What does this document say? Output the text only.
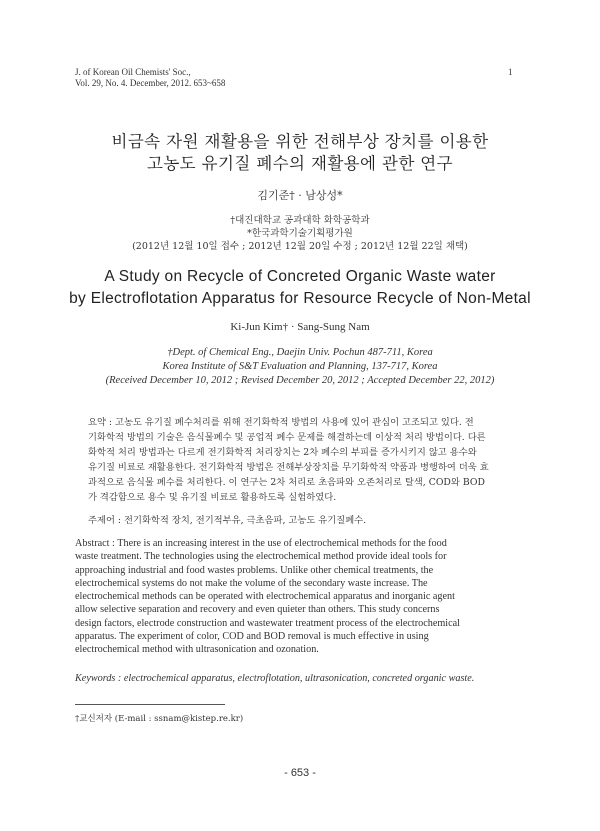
J. of Korean Oil Chemists' Soc.,
Vol. 29, No. 4. December, 2012. 653~658
1
비금속 자원 재활용을 위한 전해부상 장치를 이용한
고농도 유기질 폐수의 재활용에 관한 연구
김기준† · 남상성*
†대진대학교 공과대학 화학공학과
*한국과학기술기획평가원
(2012년 12월 10일 접수 ; 2012년 12월 20일 수정 ; 2012년 12월 22일 채택)
A Study on Recycle of Concreted Organic Waste water
by Electroflotation Apparatus for Resource Recycle of Non-Metal
Ki-Jun Kim† · Sang-Sung Nam
†Dept. of Chemical Eng., Daejin Univ. Pochun 487-711, Korea
Korea Institute of S&T Evaluation and Planning, 137-717, Korea
(Received December 10, 2012 ; Revised December 20, 2012 ; Accepted December 22, 2012)
요약 : 고농도 유기질 폐수처리를 위해 전기화학적 방법의 사용에 있어 관심이 고조되고 있다. 전
기화학적 방법의 기술은 음식물폐수 및 공업적 폐수 문제를 해결하는데 이상적 처리 방법이다. 다른
화학적 처리 방법과는 다르게 전기화학적 처리장치는 2차 폐수의 부피를 증가시키지 않고 용수와
유기질 비료로 재활용한다. 전기화학적 방법은 전해부상장치를 무기화학적 약품과 병행하여 더욱 효
과적으로 음식물 폐수를 처리한다. 이 연구는 2차 처리로 초음파와 오존처리로 탈색, COD와 BOD
가 격감함으로 용수 및 유기질 비료로 활용하도록 실험하였다.
주제어 : 전기화학적 장치, 전기적부유, 극초음파, 고농도 유기질폐수.
Abstract : There is an increasing interest in the use of electrochemical methods for the food
waste treatment. The technologies using the electrochemical method provide ideal tools for
approaching industrial and food wastes problems. Unlike other chemical treatments, the
electrochemical systems do not make the volume of the secondary waste increase. The
electrochemical methods can be operated with electrochemical apparatus and inorganic agent
allow selective separation and recovery and even quieter than others. This study concerns
design factors, electrode construction and wastewater treatment process of the electrochemical
apparatus. The experiment of color, COD and BOD removal is much effective in using
electrochemical method with ultrasonication and ozonation.
Keywords : electrochemical apparatus, electroflotation, ultrasonication, concreted organic waste.
†교신저자 (E-mail : ssnam@kistep.re.kr)
- 653 -
